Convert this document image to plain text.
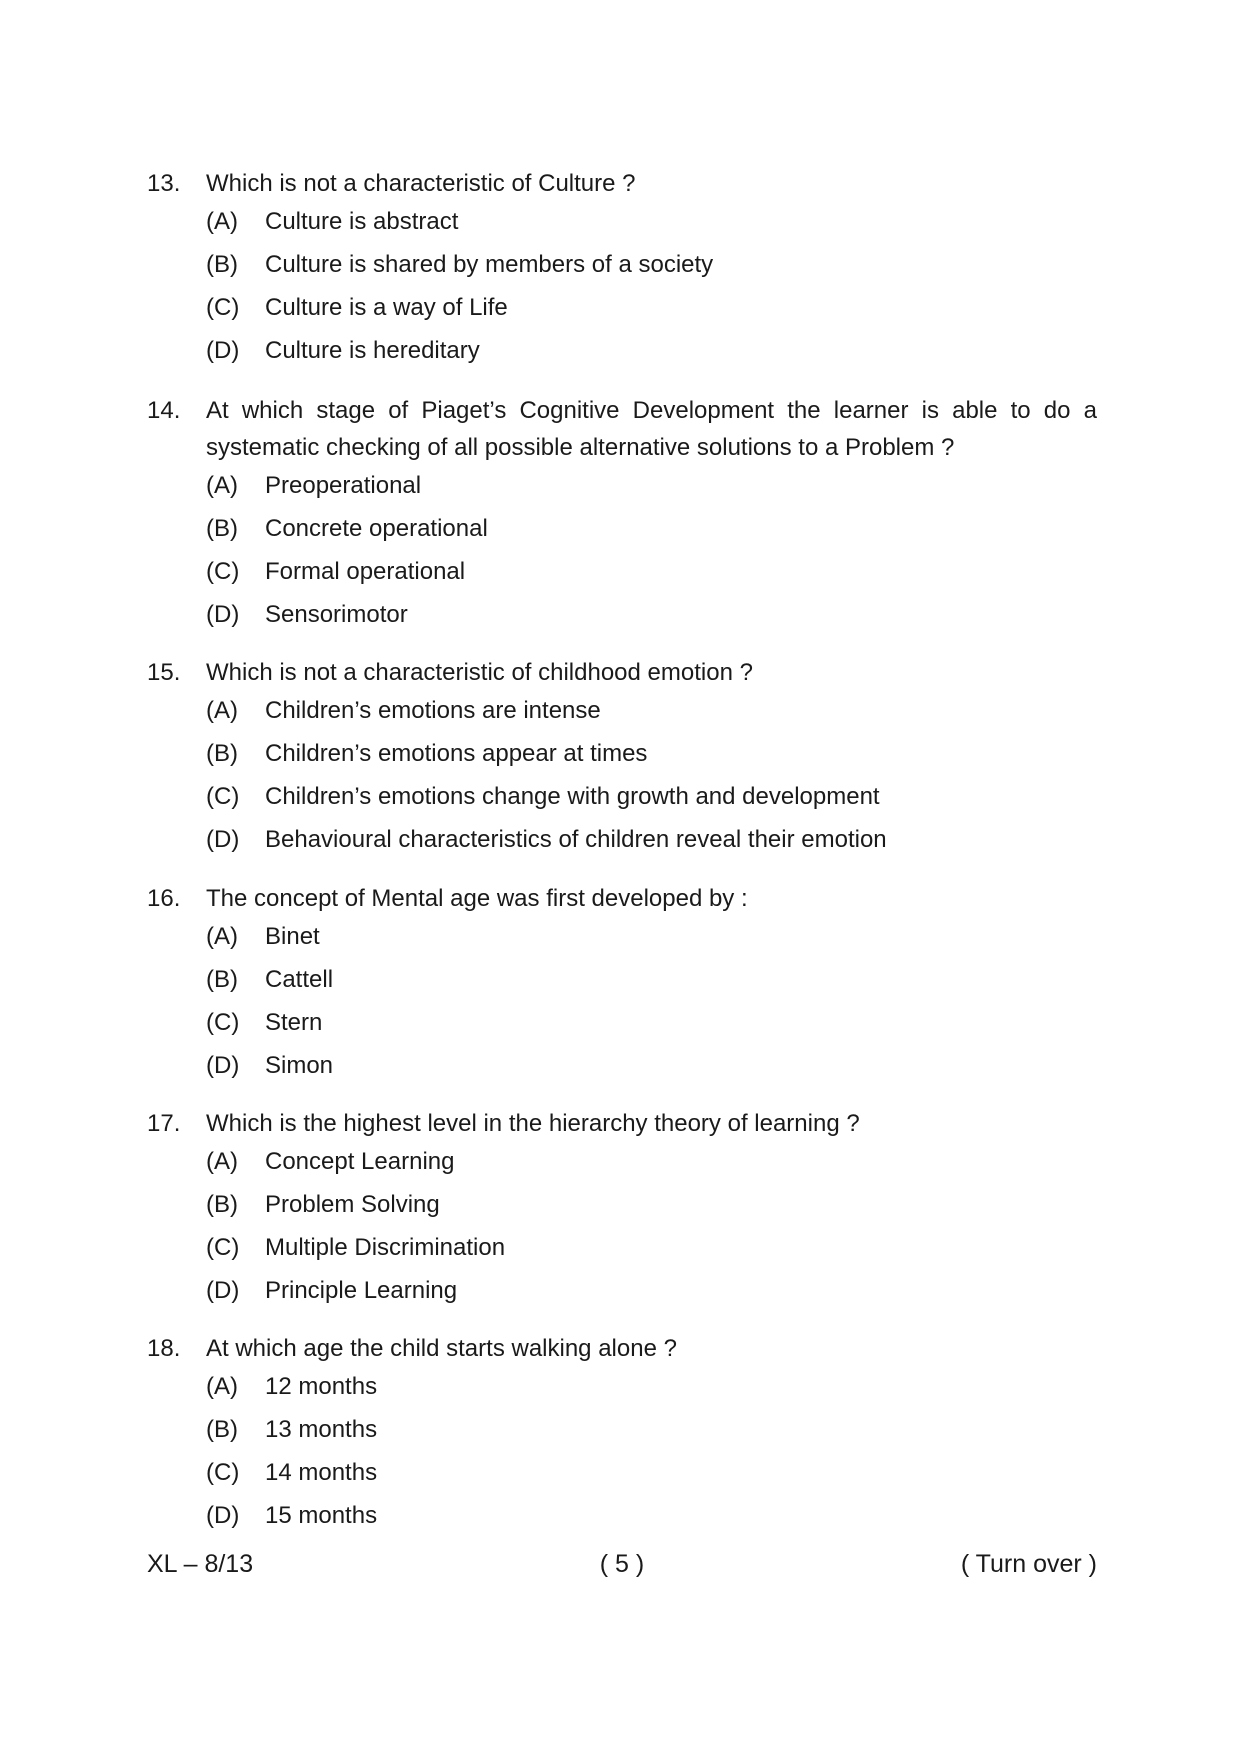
13.	Which is not a characteristic of Culture ?
(A)	Culture is abstract
(B)	Culture is shared by members of a society
(C)	Culture is a way of Life
(D)	Culture is hereditary
14.	At which stage of Piaget’s Cognitive Development the learner is able to do a systematic checking of all possible alternative solutions to a Problem ?
(A)	Preoperational
(B)	Concrete operational
(C)	Formal operational
(D)	Sensorimotor
15.	Which is not a characteristic of childhood emotion ?
(A)	Children’s emotions are intense
(B)	Children’s emotions appear at times
(C)	Children’s emotions change with growth and development
(D)	Behavioural characteristics of children reveal their emotion
16.	The concept of Mental age was first developed by :
(A)	Binet
(B)	Cattell
(C)	Stern
(D)	Simon
17.	Which is the highest level in the hierarchy theory of learning ?
(A)	Concept Learning
(B)	Problem Solving
(C)	Multiple Discrimination
(D)	Principle Learning
18.	At which age the child starts walking alone ?
(A)	12 months
(B)	13 months
(C)	14 months
(D)	15 months
XL – 8/13	( 5 )	( Turn over )
